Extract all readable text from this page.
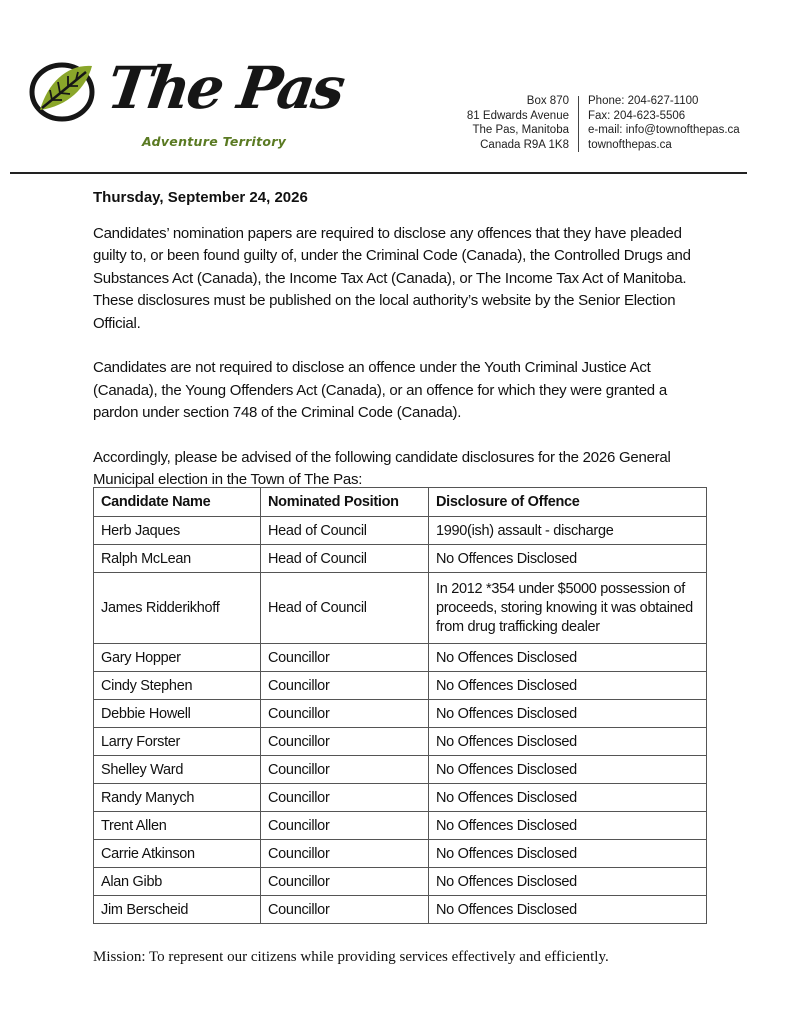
The Pas
Adventure Territory
Box 870
81 Edwards Avenue
The Pas, Manitoba
Canada R9A 1K8
Phone: 204-627-1100
Fax: 204-623-5506
e-mail: info@townofthepas.ca
townofthepas.ca

Thursday, September 24, 2026

Candidates’ nomination papers are required to disclose any offences that they have pleaded guilty to, or been found guilty of, under the Criminal Code (Canada), the Controlled Drugs and Substances Act (Canada), the Income Tax Act (Canada), or The Income Tax Act of Manitoba. These disclosures must be published on the local authority’s website by the Senior Election Official.

Candidates are not required to disclose an offence under the Youth Criminal Justice Act (Canada), the Young Offenders Act (Canada), or an offence for which they were granted a pardon under section 748 of the Criminal Code (Canada).

Accordingly, please be advised of the following candidate disclosures for the 2026 General Municipal election in the Town of The Pas:

Candidate Name	Nominated Position	Disclosure of Offence
Herb Jaques	Head of Council	1990(ish) assault - discharge
Ralph McLean	Head of Council	No Offences Disclosed
James Ridderikhoff	Head of Council	In 2012 *354 under $5000 possession of proceeds, storing knowing it was obtained from drug trafficking dealer
Gary Hopper	Councillor	No Offences Disclosed
Cindy Stephen	Councillor	No Offences Disclosed
Debbie Howell	Councillor	No Offences Disclosed
Larry Forster	Councillor	No Offences Disclosed
Shelley Ward	Councillor	No Offences Disclosed
Randy Manych	Councillor	No Offences Disclosed
Trent Allen	Councillor	No Offences Disclosed
Carrie Atkinson	Councillor	No Offences Disclosed
Alan Gibb	Councillor	No Offences Disclosed
Jim Berscheid	Councillor	No Offences Disclosed
Mission: To represent our citizens while providing services effectively and efficiently.
